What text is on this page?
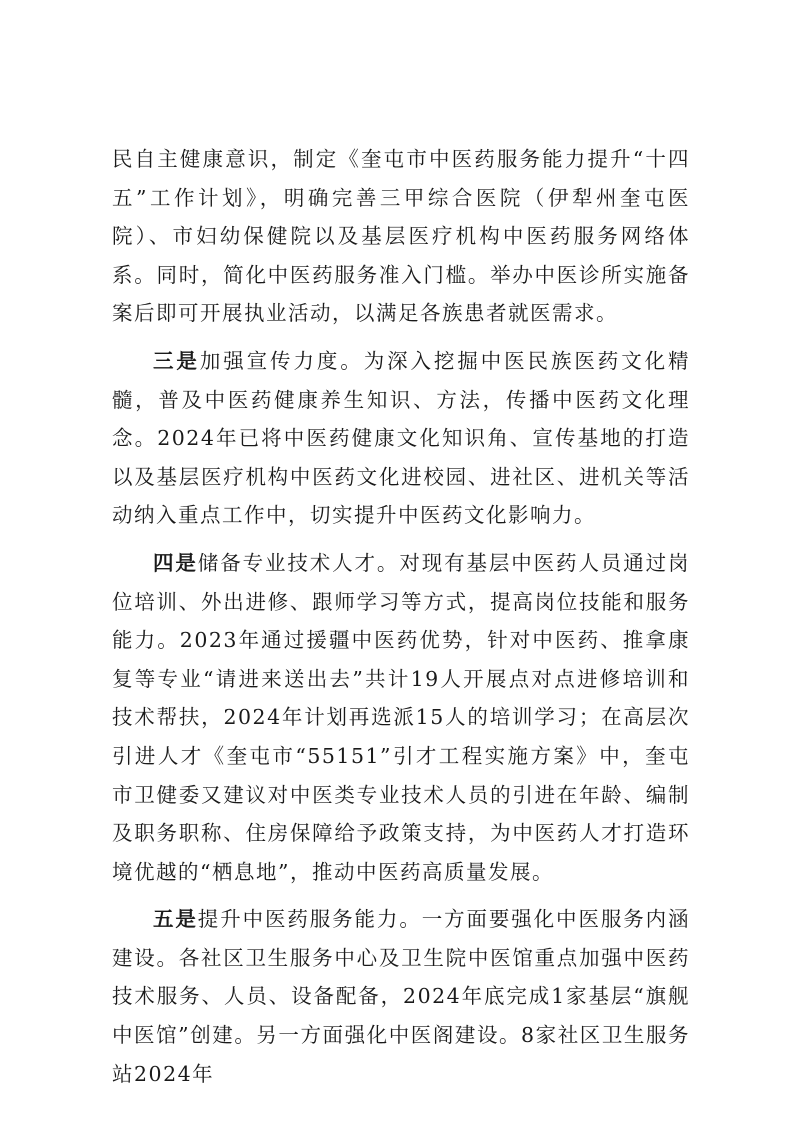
民自主健康意识，制定《奎屯市中医药服务能力提升“十四五”工作计划》，明确完善三甲综合医院（伊犁州奎屯医院）、市妇幼保健院以及基层医疗机构中医药服务网络体系。同时，简化中医药服务准入门槛。举办中医诊所实施备案后即可开展执业活动，以满足各族患者就医需求。

三是加强宣传力度。为深入挖掘中医民族医药文化精髓，普及中医药健康养生知识、方法，传播中医药文化理念。2024年已将中医药健康文化知识角、宣传基地的打造以及基层医疗机构中医药文化进校园、进社区、进机关等活动纳入重点工作中，切实提升中医药文化影响力。

四是储备专业技术人才。对现有基层中医药人员通过岗位培训、外出进修、跟师学习等方式，提高岗位技能和服务能力。2023年通过援疆中医药优势，针对中医药、推拿康复等专业“请进来送出去”共计19人开展点对点进修培训和技术帮扶，2024年计划再选派15人的培训学习；在高层次引进人才《奎屯市“55151”引才工程实施方案》中，奎屯市卫健委又建议对中医类专业技术人员的引进在年龄、编制及职务职称、住房保障给予政策支持，为中医药人才打造环境优越的“栖息地”，推动中医药高质量发展。

五是提升中医药服务能力。一方面要强化中医服务内涵建设。各社区卫生服务中心及卫生院中医馆重点加强中医药技术服务、人员、设备配备，2024年底完成1家基层“旗舰中医馆”创建。另一方面强化中医阁建设。8家社区卫生服务站2024年
